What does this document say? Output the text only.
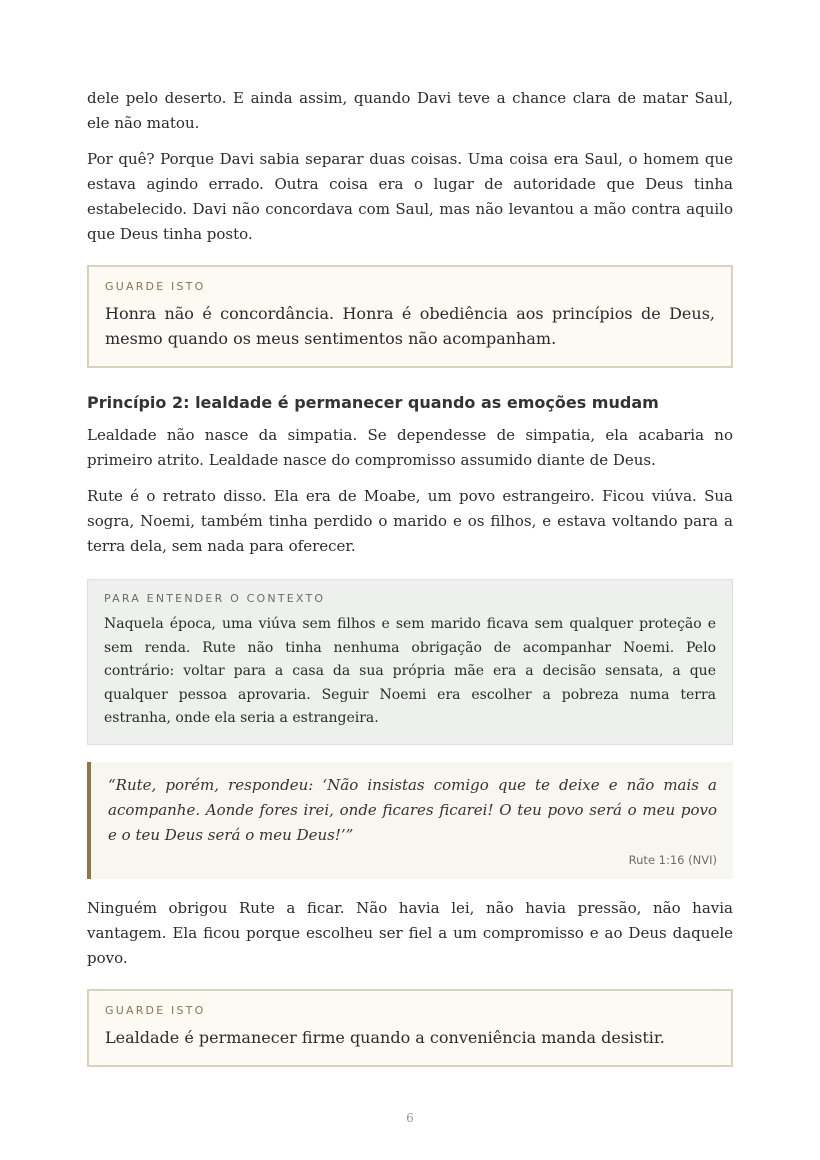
dele pelo deserto. E ainda assim, quando Davi teve a chance clara de matar Saul, ele não matou.

Por quê? Porque Davi sabia separar duas coisas. Uma coisa era Saul, o homem que estava agindo errado. Outra coisa era o lugar de autoridade que Deus tinha estabelecido. Davi não concordava com Saul, mas não levantou a mão contra aquilo que Deus tinha posto.

GUARDE ISTO
Honra não é concordância. Honra é obediência aos princípios de Deus, mesmo quando os meus sentimentos não acompanham.
Princípio 2: lealdade é permanecer quando as emoções mudam

Lealdade não nasce da simpatia. Se dependesse de simpatia, ela acabaria no primeiro atrito. Lealdade nasce do compromisso assumido diante de Deus.

Rute é o retrato disso. Ela era de Moabe, um povo estrangeiro. Ficou viúva. Sua sogra, Noemi, também tinha perdido o marido e os filhos, e estava voltando para a terra dela, sem nada para oferecer.

PARA ENTENDER O CONTEXTO
Naquela época, uma viúva sem filhos e sem marido ficava sem qualquer proteção e sem renda. Rute não tinha nenhuma obrigação de acompanhar Noemi. Pelo contrário: voltar para a casa da sua própria mãe era a decisão sensata, a que qualquer pessoa aprovaria. Seguir Noemi era escolher a pobreza numa terra estranha, onde ela seria a estrangeira.
“Rute, porém, respondeu: ‘Não insistas comigo que te deixe e não mais a acompanhe. Aonde fores irei, onde ficares ficarei! O teu povo será o meu povo e o teu Deus será o meu Deus!’”
Rute 1:16 (NVI)

Ninguém obrigou Rute a ficar. Não havia lei, não havia pressão, não havia vantagem. Ela ficou porque escolheu ser fiel a um compromisso e ao Deus daquele povo.

GUARDE ISTO
Lealdade é permanecer firme quando a conveniência manda desistir.
6
